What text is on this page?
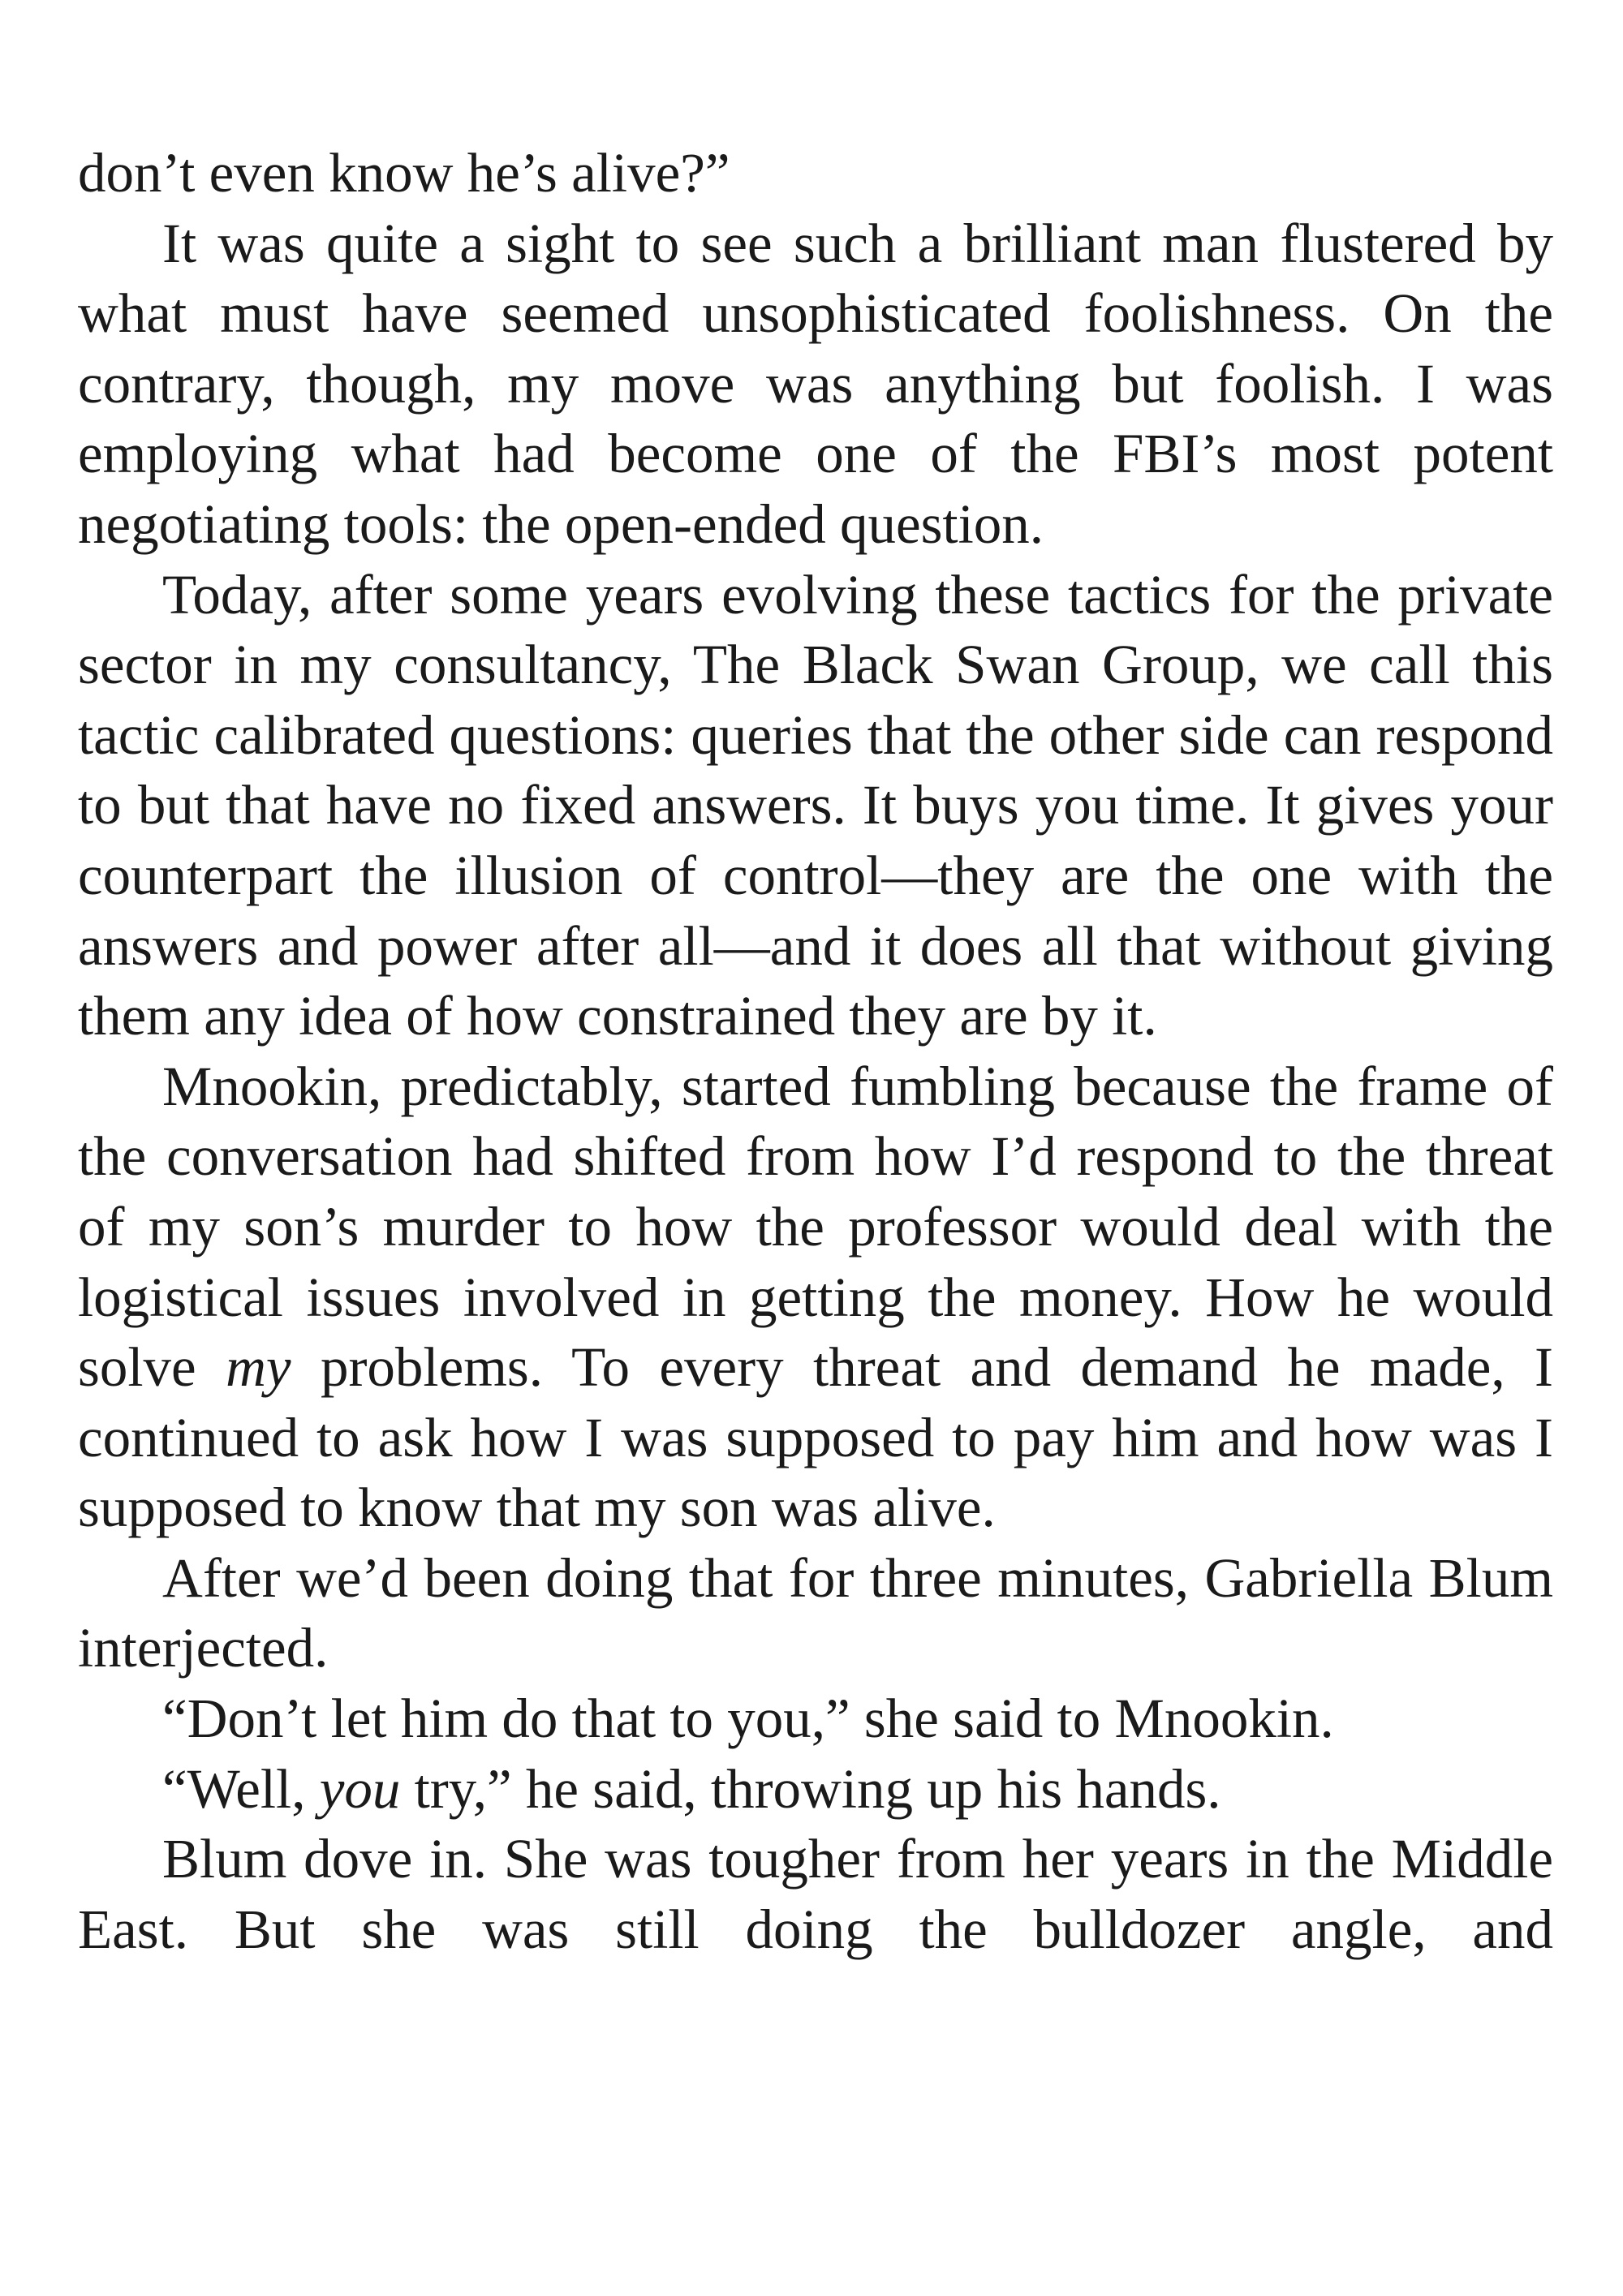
don’t even know he’s alive?”

It was quite a sight to see such a brilliant man flustered by what must have seemed unsophisticated foolishness. On the contrary, though, my move was anything but foolish. I was employing what had become one of the FBI’s most potent negotiating tools: the open-ended question.

Today, after some years evolving these tactics for the private sector in my consultancy, The Black Swan Group, we call this tactic calibrated questions: queries that the other side can respond to but that have no fixed answers. It buys you time. It gives your counterpart the illusion of control—they are the one with the answers and power after all—and it does all that without giving them any idea of how constrained they are by it.

Mnookin, predictably, started fumbling because the frame of the conversation had shifted from how I’d respond to the threat of my son’s murder to how the professor would deal with the logistical issues involved in getting the money. How he would solve my problems. To every threat and demand he made, I continued to ask how I was supposed to pay him and how was I supposed to know that my son was alive.

After we’d been doing that for three minutes, Gabriella Blum interjected.

“Don’t let him do that to you,” she said to Mnookin.

“Well, you try,” he said, throwing up his hands.

Blum dove in. She was tougher from her years in the Middle East. But she was still doing the bulldozer angle, and
